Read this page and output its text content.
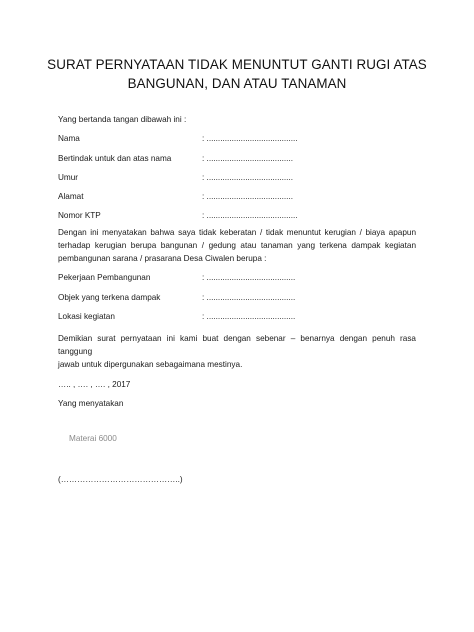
SURAT PERNYATAAN TIDAK MENUNTUT GANTI RUGI ATAS
BANGUNAN, DAN ATAU TANAMAN
Yang bertanda tangan dibawah ini :
Nama	: ........................................
Bertindak untuk dan atas nama	: ......................................
Umur	: ......................................
Alamat	: ......................................
Nomor KTP	: ........................................
Dengan ini menyatakan bahwa saya tidak keberatan / tidak menuntut kerugian / biaya apapun
terhadap kerugian berupa bangunan / gedung atau tanaman yang terkena dampak kegiatan
pembangunan sarana / prasarana Desa Ciwalen berupa :
Pekerjaan Pembangunan	: .......................................
Objek yang terkena dampak	: .......................................
Lokasi kegiatan	: .......................................
Demikian surat pernyataan ini kami buat dengan sebenar – benarnya dengan penuh rasa tanggung
jawab untuk dipergunakan sebagaimana mestinya.
….. , …. , …. , 2017
Yang menyatakan
Materai 6000
(……………………………………..)
